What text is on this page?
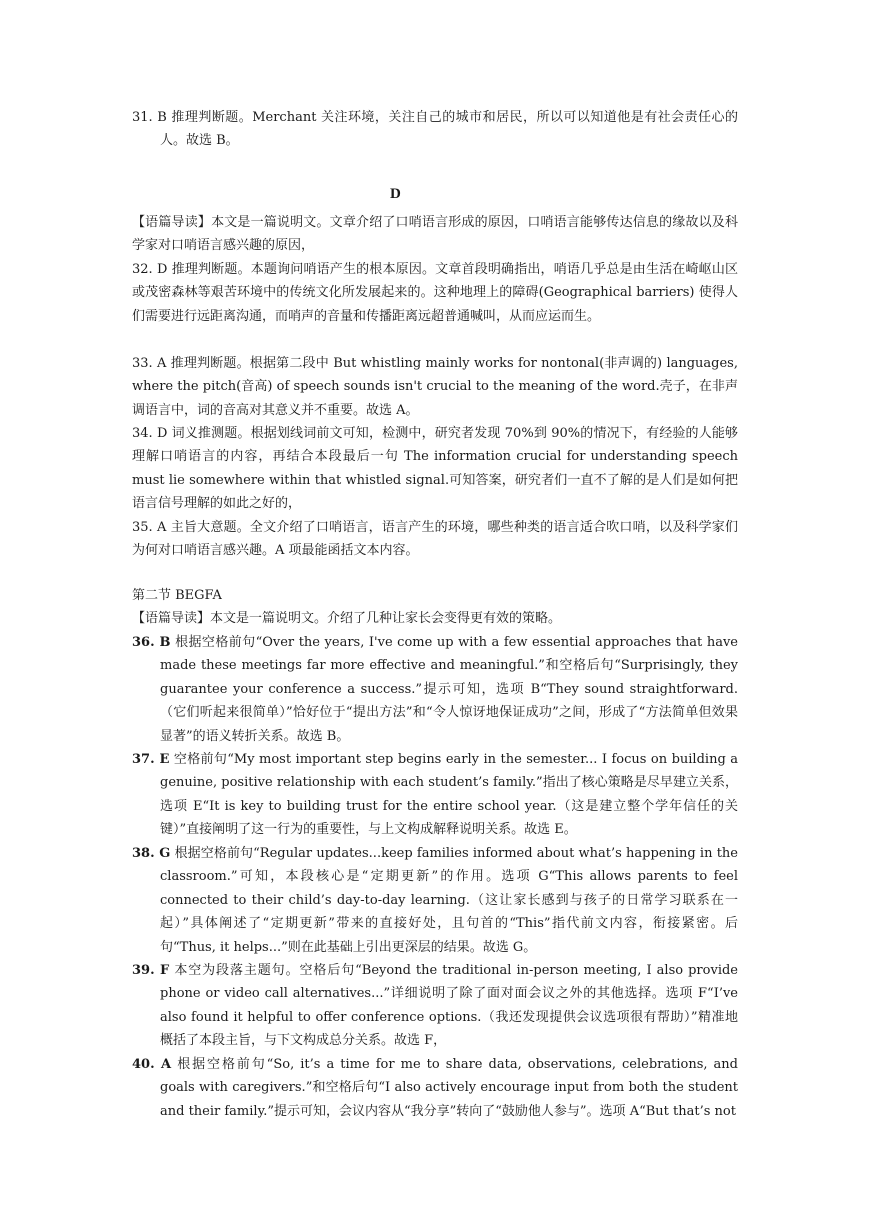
31. B 推理判断题。Merchant 关注环境，关注自己的城市和居民，所以可以知道他是有社会责任心的人。故选 B。

D

【语篇导读】本文是一篇说明文。文章介绍了口哨语言形成的原因，口哨语言能够传达信息的缘故以及科学家对口哨语言感兴趣的原因，

32. D 推理判断题。本题询问哨语产生的根本原因。文章首段明确指出，哨语几乎总是由生活在崎岖山区或茂密森林等艰苦环境中的传统文化所发展起来的。这种地理上的障碍(Geographical barriers) 使得人们需要进行远距离沟通，而哨声的音量和传播距离远超普通喊叫，从而应运而生。

33. A 推理判断题。根据第二段中 But whistling mainly works for nontonal(非声调的) languages, where the pitch(音高) of speech sounds isn't crucial to the meaning of the word.壳子，在非声调语言中，词的音高对其意义并不重要。故选 A。

34. D 词义推测题。根据划线词前文可知，检测中，研究者发现 70%到 90%的情况下，有经验的人能够理解口哨语言的内容，再结合本段最后一句 The information crucial for understanding speech must lie somewhere within that whistled signal.可知答案，研究者们一直不了解的是人们是如何把语言信号理解的如此之好的，

35. A 主旨大意题。全文介绍了口哨语言，语言产生的环境，哪些种类的语言适合吹口哨，以及科学家们为何对口哨语言感兴趣。A 项最能函括文本内容。

第二节 BEGFA

【语篇导读】本文是一篇说明文。介绍了几种让家长会变得更有效的策略。

36. B 根据空格前句“Over the years, I've come up with a few essential approaches that have made these meetings far more effective and meaningful.”和空格后句“Surprisingly, they guarantee your conference a success.”提示可知，选项 B“They sound straightforward.（它们听起来很简单）”恰好位于“提出方法”和“令人惊讶地保证成功”之间，形成了“方法简单但效果显著”的语义转折关系。故选 B。

37. E 空格前句“My most important step begins early in the semester... I focus on building a genuine, positive relationship with each student’s family.”指出了核心策略是尽早建立关系，选项 E“It is key to building trust for the entire school year.（这是建立整个学年信任的关键）”直接阐明了这一行为的重要性，与上文构成解释说明关系。故选 E。

38. G 根据空格前句“Regular updates...keep families informed about what’s happening in the classroom.”可知，本段核心是“定期更新”的作用。选项 G“This allows parents to feel connected to their child’s day-to-day learning.（这让家长感到与孩子的日常学习联系在一起）”具体阐述了“定期更新”带来的直接好处，且句首的“This”指代前文内容，衔接紧密。后句“Thus, it helps...”则在此基础上引出更深层的结果。故选 G。

39. F 本空为段落主题句。空格后句“Beyond the traditional in-person meeting, I also provide phone or video call alternatives...”详细说明了除了面对面会议之外的其他选择。选项 F“I’ve also found it helpful to offer conference options.（我还发现提供会议选项很有帮助）”精准地概括了本段主旨，与下文构成总分关系。故选 F，

40. A 根据空格前句“So, it’s a time for me to share data, observations, celebrations, and goals with caregivers.”和空格后句“I also actively encourage input from both the student and their family.”提示可知，会议内容从“我分享”转向了“鼓励他人参与”。选项 A“But that’s not
